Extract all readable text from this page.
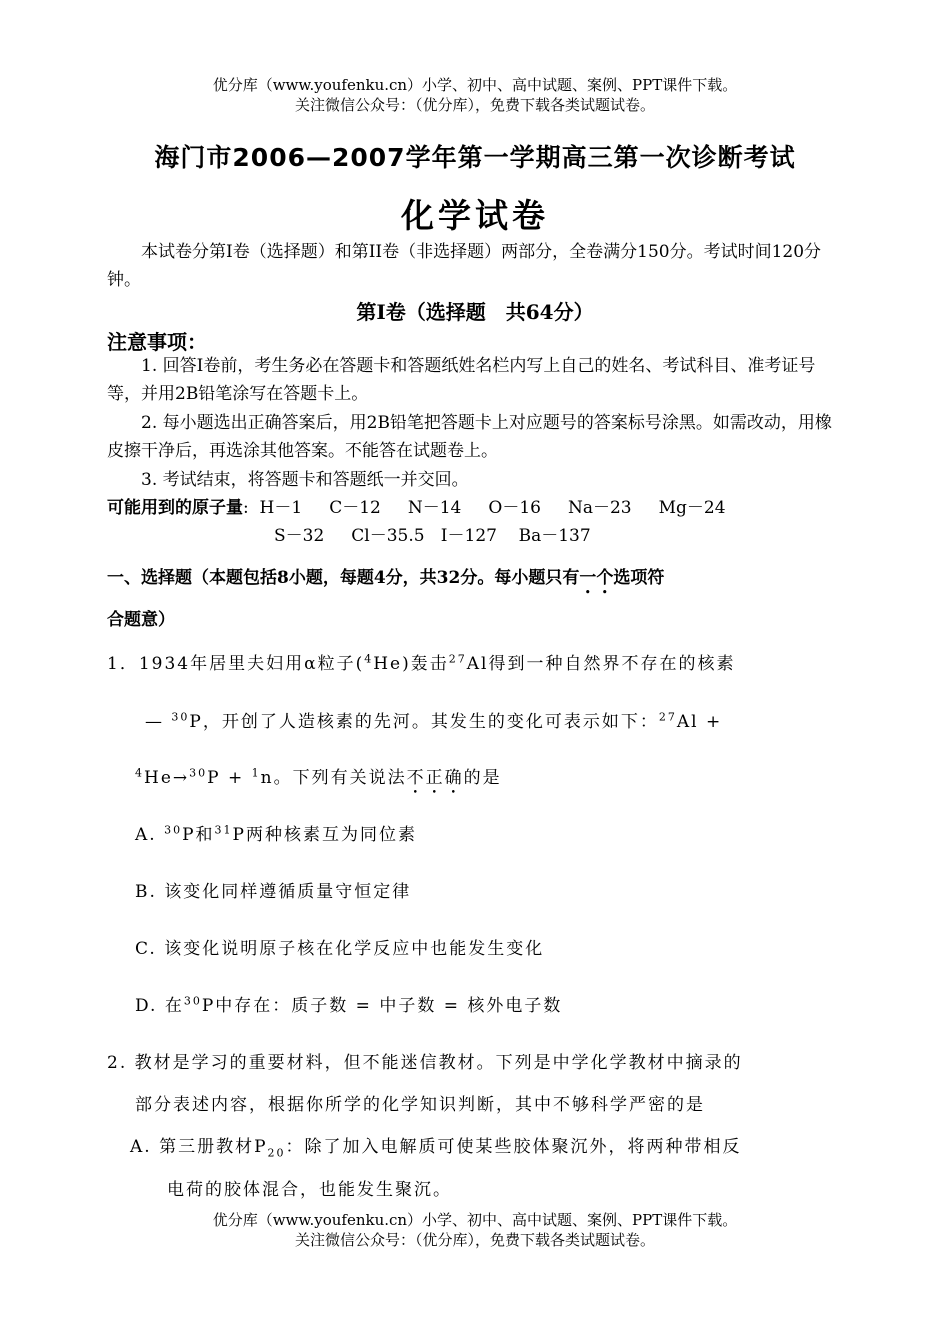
优分库（www.youfenku.cn）小学、初中、高中试题、案例、PPT课件下载。
关注微信公众号：（优分库），免费下载各类试题试卷。
海门市2006—2007学年第一学期高三第一次诊断考试
化学试卷
本试卷分第I卷（选择题）和第II卷（非选择题）两部分，全卷满分150分。考试时间120分钟。
第Ⅰ卷（选择题　共64分）
注意事项：
1. 回答I卷前，考生务必在答题卡和答题纸姓名栏内写上自己的姓名、考试科目、准考证号等，并用2B铅笔涂写在答题卡上。
2. 每小题选出正确答案后，用2B铅笔把答题卡上对应题号的答案标号涂黑。如需改动，用橡皮擦干净后，再选涂其他答案。不能答在试题卷上。
3. 考试结束，将答题卡和答题纸一并交回。
可能用到的原子量:  H－1     C－12     N－14     O－16     Na－23     Mg－24
S－32     Cl－35.5   I－127    Ba－137
一、选择题（本题包括8小题，每题4分，共32分。每小题只有一个选项符
合题意）
1．1934年居里夫妇用α粒子($^4$He)轰击$^{27}$Al得到一种自然界不存在的核素
— $^{30}$P，开创了人造核素的先河。其发生的变化可表示如下：$^{27}$Al +
$^4$He→$^{30}$P + $^1$n。下列有关说法不正确的是
A. $^{30}$P和$^{31}$P两种核素互为同位素
B. 该变化同样遵循质量守恒定律
C. 该变化说明原子核在化学反应中也能发生变化
D. 在$^{30}$P中存在：质子数 = 中子数 = 核外电子数
2. 教材是学习的重要材料，但不能迷信教材。下列是中学化学教材中摘录的
部分表述内容，根据你所学的化学知识判断，其中不够科学严密的是
A. 第三册教材$P_{20}$：除了加入电解质可使某些胶体聚沉外，将两种带相反
电荷的胶体混合，也能发生聚沉。
优分库（www.youfenku.cn）小学、初中、高中试题、案例、PPT课件下载。
关注微信公众号：（优分库），免费下载各类试题试卷。
